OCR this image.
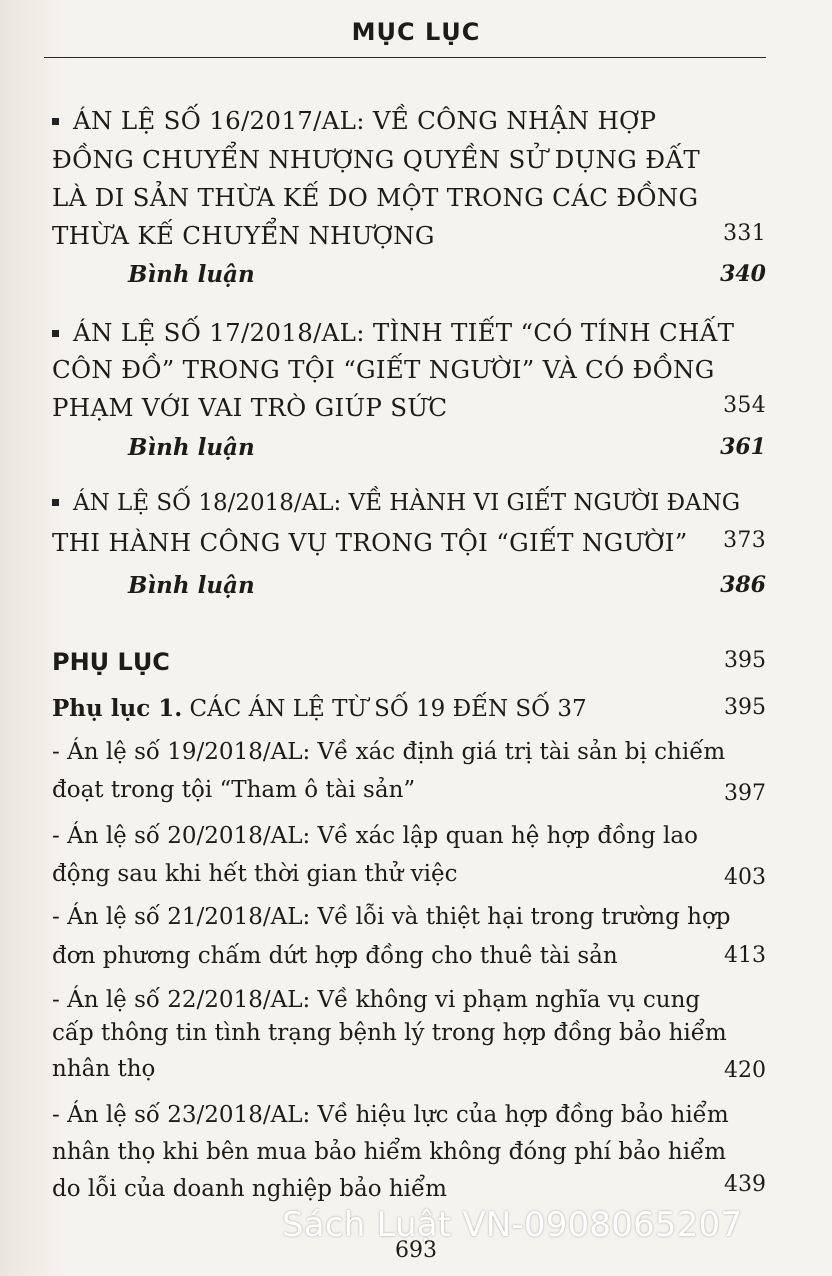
MỤC LỤC
ÁN LỆ SỐ 16/2017/AL: VỀ CÔNG NHẬN HỢP
ĐỒNG CHUYỂN NHƯỢNG QUYỀN SỬ DỤNG ĐẤT
LÀ DI SẢN THỪA KẾ DO MỘT TRONG CÁC ĐỒNG
THỪA KẾ CHUYỂN NHƯỢNG	331
Bình luận	340
ÁN LỆ SỐ 17/2018/AL: TÌNH TIẾT “CÓ TÍNH CHẤT
CÔN ĐỒ” TRONG TỘI “GIẾT NGƯỜI” VÀ CÓ ĐỒNG
PHẠM VỚI VAI TRÒ GIÚP SỨC	354
Bình luận	361
ÁN LỆ SỐ 18/2018/AL: VỀ HÀNH VI GIẾT NGƯỜI ĐANG
THI HÀNH CÔNG VỤ TRONG TỘI “GIẾT NGƯỜI” 373
Bình luận	386
PHỤ LỤC	395
Phụ lục 1. CÁC ÁN LỆ TỪ SỐ 19 ĐẾN SỐ 37	395
- Án lệ số 19/2018/AL: Về xác định giá trị tài sản bị chiếm
đoạt trong tội “Tham ô tài sản”	397
- Án lệ số 20/2018/AL: Về xác lập quan hệ hợp đồng lao
động sau khi hết thời gian thử việc	403
- Án lệ số 21/2018/AL: Về lỗi và thiệt hại trong trường hợp
đơn phương chấm dứt hợp đồng cho thuê tài sản	413
- Án lệ số 22/2018/AL: Về không vi phạm nghĩa vụ cung
cấp thông tin tình trạng bệnh lý trong hợp đồng bảo hiểm
nhân thọ	420
- Án lệ số 23/2018/AL: Về hiệu lực của hợp đồng bảo hiểm
nhân thọ khi bên mua bảo hiểm không đóng phí bảo hiểm
do lỗi của doanh nghiệp bảo hiểm	439
Sách Luật VN-0908065207
693
